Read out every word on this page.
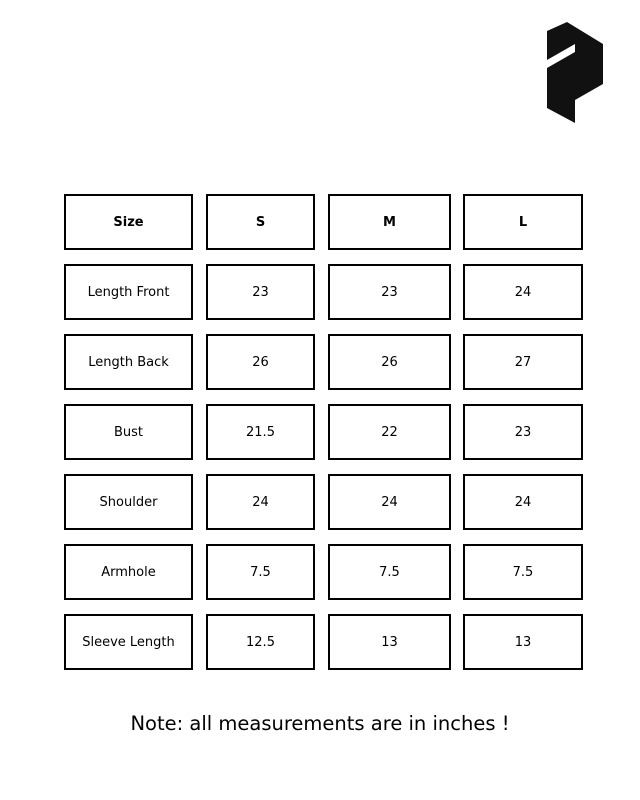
Size	S	M	L
Length Front	23	23	24
Length Back	26	26	27
Bust	21.5	22	23
Shoulder	24	24	24
Armhole	7.5	7.5	7.5
Sleeve Length	12.5	13	13
Note: all measurements are in inches !
